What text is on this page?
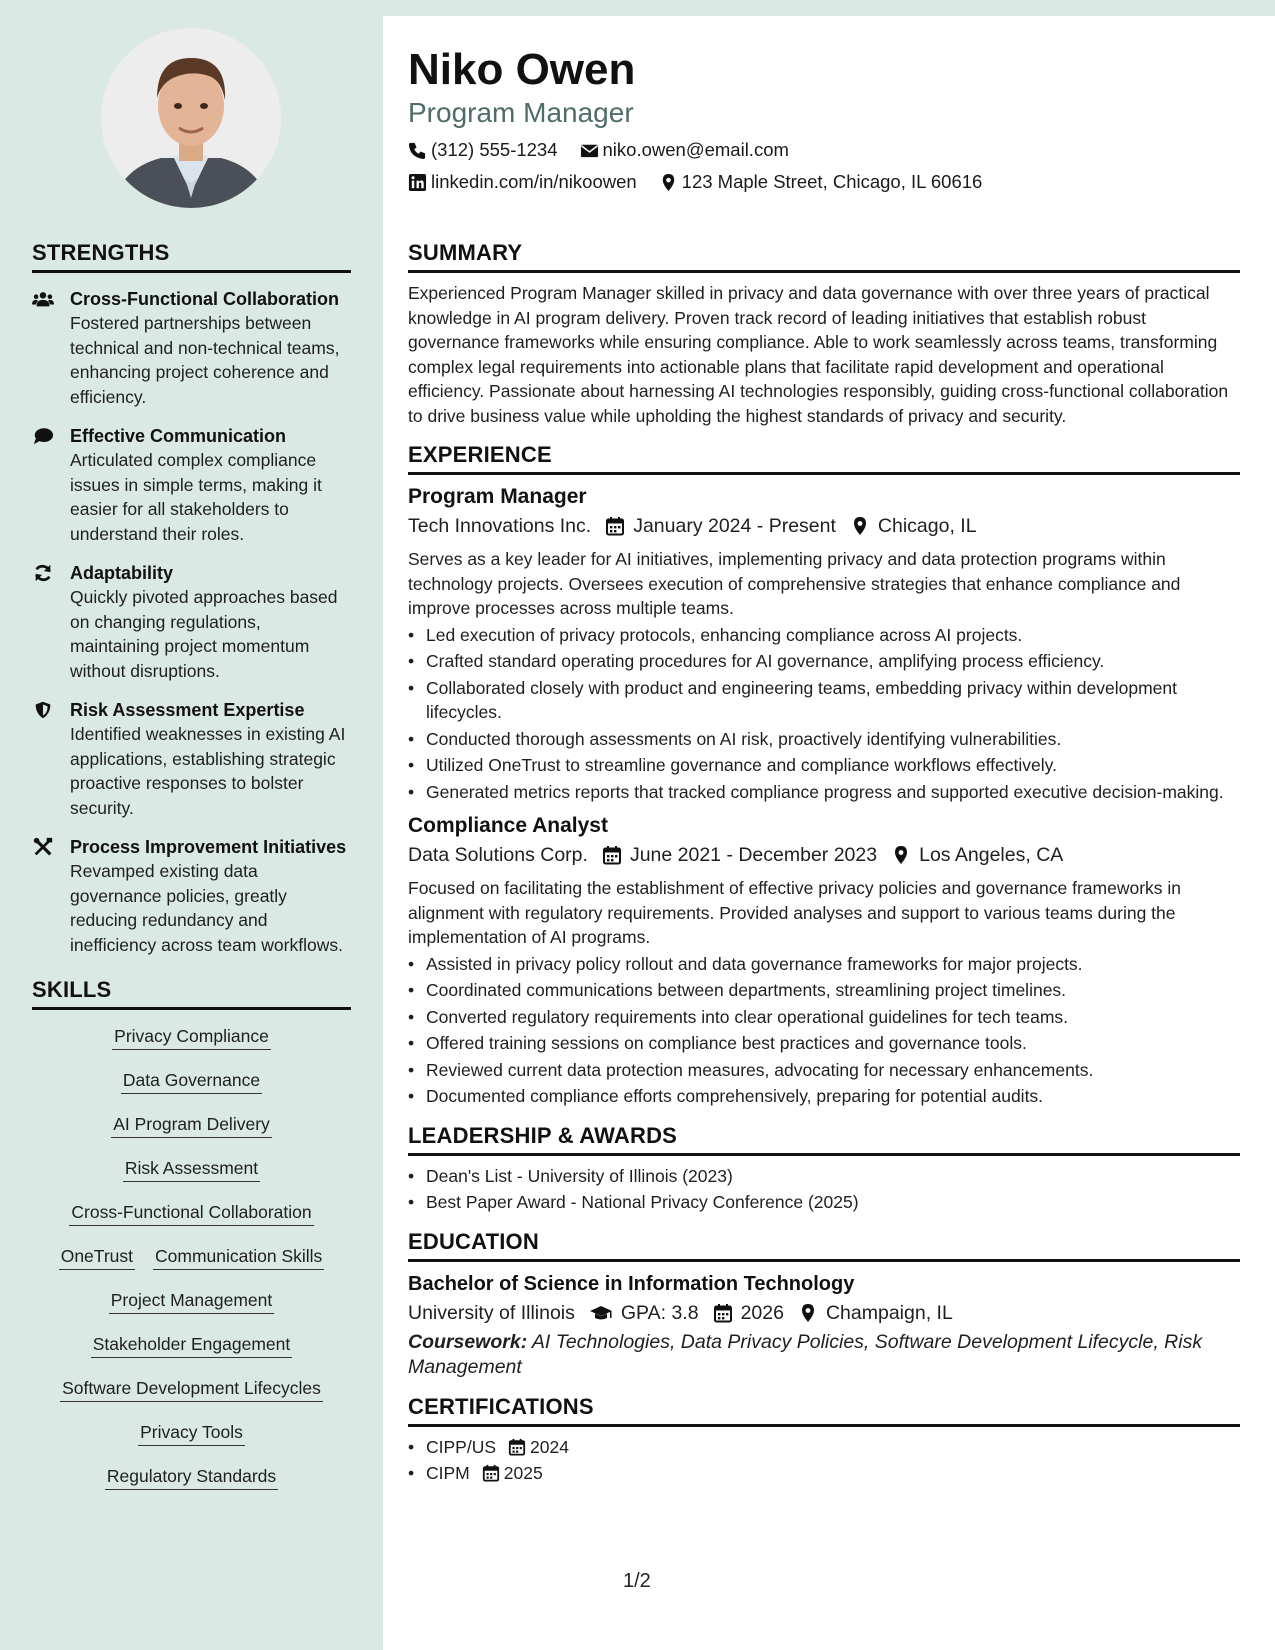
STRENGTHS
Cross-Functional Collaboration
Fostered partnerships between technical and non-technical teams, enhancing project coherence and efficiency.
Effective Communication
Articulated complex compliance issues in simple terms, making it easier for all stakeholders to understand their roles.
Adaptability
Quickly pivoted approaches based on changing regulations, maintaining project momentum without disruptions.
Risk Assessment Expertise
Identified weaknesses in existing AI applications, establishing strategic proactive responses to bolster security.
Process Improvement Initiatives
Revamped existing data governance policies, greatly reducing redundancy and inefficiency across team workflows.
SKILLS
Privacy Compliance
Data Governance
AI Program Delivery
Risk Assessment
Cross-Functional Collaboration
OneTrust Communication Skills
Project Management
Stakeholder Engagement
Software Development Lifecycles
Privacy Tools
Regulatory Standards
Niko Owen
Program Manager
(312) 555-1234 niko.owen@email.com
linkedin.com/in/nikoowen 123 Maple Street, Chicago, IL 60616
SUMMARY
Experienced Program Manager skilled in privacy and data governance with over three years of practical knowledge in AI program delivery. Proven track record of leading initiatives that establish robust governance frameworks while ensuring compliance. Able to work seamlessly across teams, transforming complex legal requirements into actionable plans that facilitate rapid development and operational efficiency. Passionate about harnessing AI technologies responsibly, guiding cross-functional collaboration to drive business value while upholding the highest standards of privacy and security.
EXPERIENCE
Program Manager
Tech Innovations Inc. January 2024 - Present Chicago, IL
Serves as a key leader for AI initiatives, implementing privacy and data protection programs within technology projects. Oversees execution of comprehensive strategies that enhance compliance and improve processes across multiple teams.
• Led execution of privacy protocols, enhancing compliance across AI projects.
• Crafted standard operating procedures for AI governance, amplifying process efficiency.
• Collaborated closely with product and engineering teams, embedding privacy within development lifecycles.
• Conducted thorough assessments on AI risk, proactively identifying vulnerabilities.
• Utilized OneTrust to streamline governance and compliance workflows effectively.
• Generated metrics reports that tracked compliance progress and supported executive decision-making.
Compliance Analyst
Data Solutions Corp. June 2021 - December 2023 Los Angeles, CA
Focused on facilitating the establishment of effective privacy policies and governance frameworks in alignment with regulatory requirements. Provided analyses and support to various teams during the implementation of AI programs.
• Assisted in privacy policy rollout and data governance frameworks for major projects.
• Coordinated communications between departments, streamlining project timelines.
• Converted regulatory requirements into clear operational guidelines for tech teams.
• Offered training sessions on compliance best practices and governance tools.
• Reviewed current data protection measures, advocating for necessary enhancements.
• Documented compliance efforts comprehensively, preparing for potential audits.
LEADERSHIP & AWARDS
• Dean's List - University of Illinois (2023)
• Best Paper Award - National Privacy Conference (2025)
EDUCATION
Bachelor of Science in Information Technology
University of Illinois GPA: 3.8 2026 Champaign, IL
Coursework: AI Technologies, Data Privacy Policies, Software Development Lifecycle, Risk Management
CERTIFICATIONS
• CIPP/US 2024
• CIPM 2025
1/2
